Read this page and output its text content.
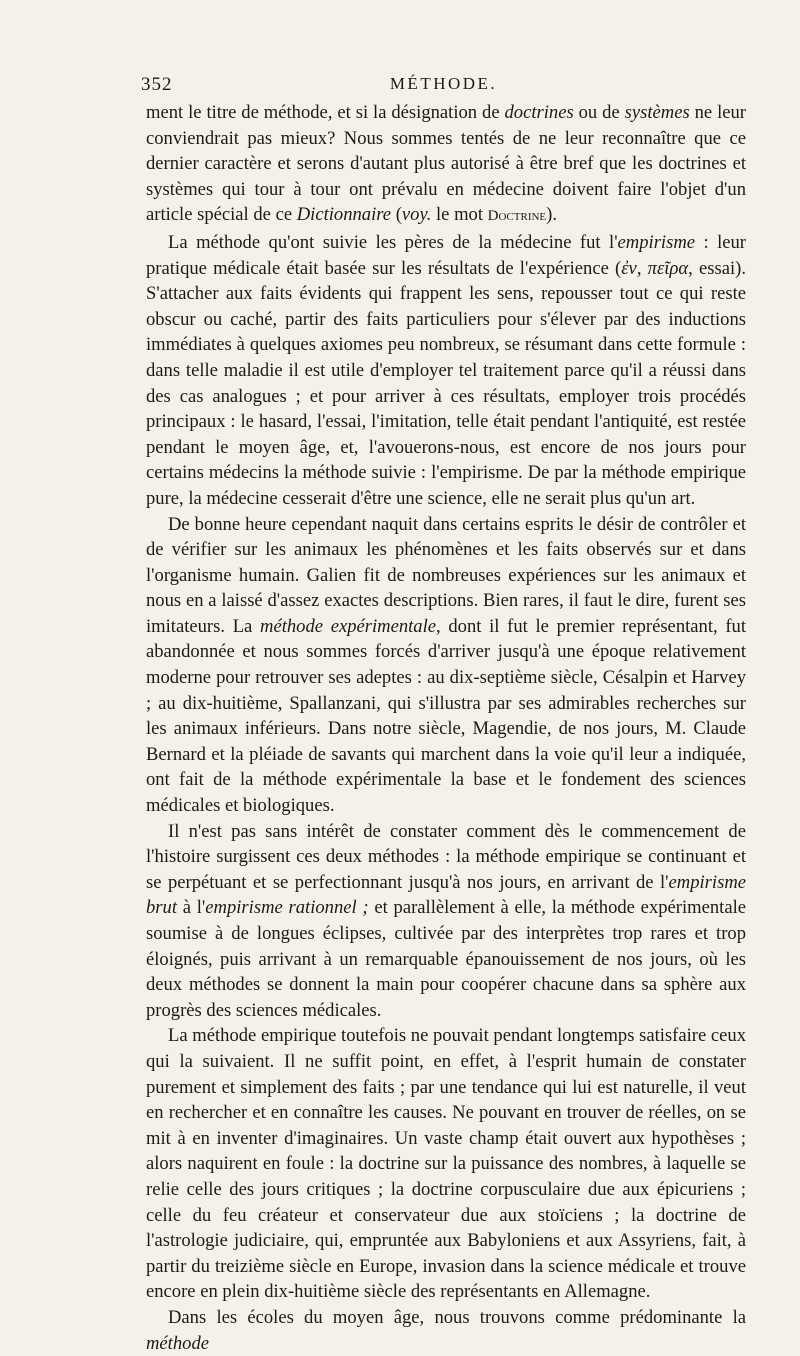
352	MÉTHODE.

ment le titre de méthode, et si la désignation de doctrines ou de systèmes ne leur conviendrait pas mieux? Nous sommes tentés de ne leur reconnaître que ce dernier caractère et serons d'autant plus autorisé à être bref que les doctrines et systèmes qui tour à tour ont prévalu en médecine doivent faire l'objet d'un article spécial de ce Dictionnaire (voy. le mot Doctrine).

La méthode qu'ont suivie les pères de la médecine fut l'empirisme : leur pratique médicale était basée sur les résultats de l'expérience (ἐν, πεῖρα, essai). S'attacher aux faits évidents qui frappent les sens, repousser tout ce qui reste obscur ou caché, partir des faits particuliers pour s'élever par des inductions immédiates à quelques axiomes peu nombreux, se résumant dans cette formule : dans telle maladie il est utile d'employer tel traitement parce qu'il a réussi dans des cas analogues ; et pour arriver à ces résultats, employer trois procédés principaux : le hasard, l'essai, l'imitation, telle était pendant l'antiquité, est restée pendant le moyen âge, et, l'avouerons-nous, est encore de nos jours pour certains médecins la méthode suivie : l'empirisme. De par la méthode empirique pure, la médecine cesserait d'être une science, elle ne serait plus qu'un art.

De bonne heure cependant naquit dans certains esprits le désir de contrôler et de vérifier sur les animaux les phénomènes et les faits observés sur et dans l'organisme humain. Galien fit de nombreuses expériences sur les animaux et nous en a laissé d'assez exactes descriptions. Bien rares, il faut le dire, furent ses imitateurs. La méthode expérimentale, dont il fut le premier représentant, fut abandonnée et nous sommes forcés d'arriver jusqu'à une époque relativement moderne pour retrouver ses adeptes : au dix-septième siècle, Césalpin et Harvey ; au dix-huitième, Spallanzani, qui s'illustra par ses admirables recherches sur les animaux inférieurs. Dans notre siècle, Magendie, de nos jours, M. Claude Bernard et la pléiade de savants qui marchent dans la voie qu'il leur a indiquée, ont fait de la méthode expérimentale la base et le fondement des sciences médicales et biologiques.

Il n'est pas sans intérêt de constater comment dès le commencement de l'histoire surgissent ces deux méthodes : la méthode empirique se continuant et se perpétuant et se perfectionnant jusqu'à nos jours, en arrivant de l'empirisme brut à l'empirisme rationnel ; et parallèlement à elle, la méthode expérimentale soumise à de longues éclipses, cultivée par des interprètes trop rares et trop éloignés, puis arrivant à un remarquable épanouissement de nos jours, où les deux méthodes se donnent la main pour coopérer chacune dans sa sphère aux progrès des sciences médicales.

La méthode empirique toutefois ne pouvait pendant longtemps satisfaire ceux qui la suivaient. Il ne suffit point, en effet, à l'esprit humain de constater purement et simplement des faits ; par une tendance qui lui est naturelle, il veut en rechercher et en connaître les causes. Ne pouvant en trouver de réelles, on se mit à en inventer d'imaginaires. Un vaste champ était ouvert aux hypothèses ; alors naquirent en foule : la doctrine sur la puissance des nombres, à laquelle se relie celle des jours critiques ; la doctrine corpusculaire due aux épicuriens ; celle du feu créateur et conservateur due aux stoïciens ; la doctrine de l'astrologie judiciaire, qui, empruntée aux Babyloniens et aux Assyriens, fait, à partir du treizième siècle en Europe, invasion dans la science médicale et trouve encore en plein dix-huitième siècle des représentants en Allemagne.

Dans les écoles du moyen âge, nous trouvons comme prédominante la méthode
